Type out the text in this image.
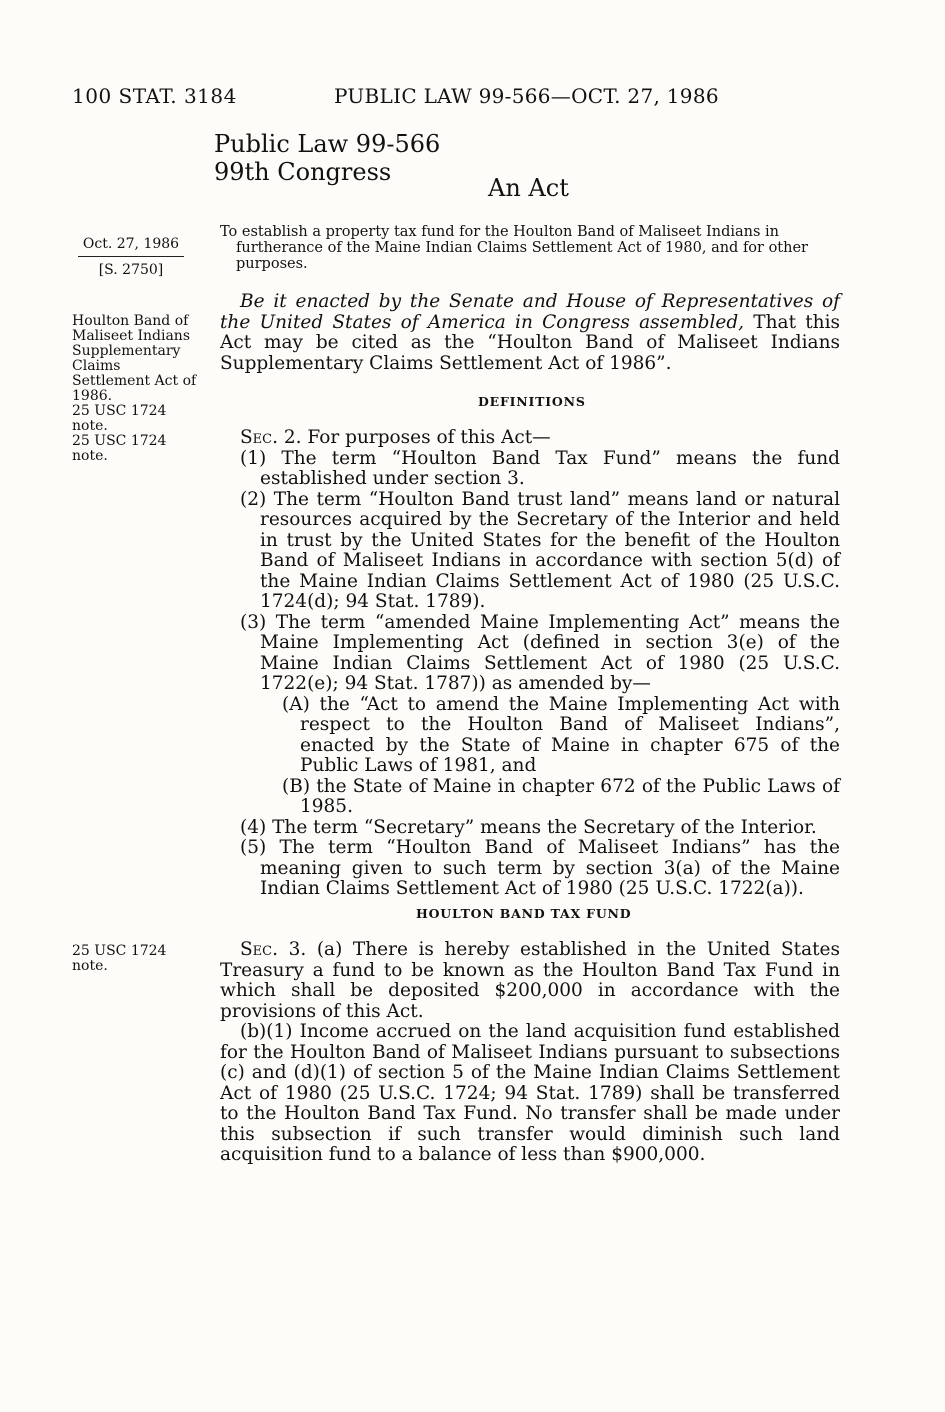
100 STAT. 3184	PUBLIC LAW 99-566—OCT. 27, 1986
Public Law 99-566
99th Congress
An Act
Oct. 27, 1986
[S. 2750]
To establish a property tax fund for the Houlton Band of Maliseet Indians in furtherance of the Maine Indian Claims Settlement Act of 1980, and for other purposes.
Houlton Band of Maliseet Indians Supplementary Claims Settlement Act of 1986.
25 USC 1724 note.
25 USC 1724 note.

Be it enacted by the Senate and House of Representatives of the United States of America in Congress assembled, That this Act may be cited as the “Houlton Band of Maliseet Indians Supplementary Claims Settlement Act of 1986”.

DEFINITIONS

Sec. 2. For purposes of this Act—

(1) The term “Houlton Band Tax Fund” means the fund established under section 3.

(2) The term “Houlton Band trust land” means land or natural resources acquired by the Secretary of the Interior and held in trust by the United States for the benefit of the Houlton Band of Maliseet Indians in accordance with section 5(d) of the Maine Indian Claims Settlement Act of 1980 (25 U.S.C. 1724(d); 94 Stat. 1789).

(3) The term “amended Maine Implementing Act” means the Maine Implementing Act (defined in section 3(e) of the Maine Indian Claims Settlement Act of 1980 (25 U.S.C. 1722(e); 94 Stat. 1787)) as amended by—

(A) the “Act to amend the Maine Implementing Act with respect to the Houlton Band of Maliseet Indians”, enacted by the State of Maine in chapter 675 of the Public Laws of 1981, and

(B) the State of Maine in chapter 672 of the Public Laws of 1985.

(4) The term “Secretary” means the Secretary of the Interior.

(5) The term “Houlton Band of Maliseet Indians” has the meaning given to such term by section 3(a) of the Maine Indian Claims Settlement Act of 1980 (25 U.S.C. 1722(a)).

HOULTON BAND TAX FUND
25 USC 1724 note.

Sec. 3. (a) There is hereby established in the United States Treasury a fund to be known as the Houlton Band Tax Fund in which shall be deposited $200,000 in accordance with the provisions of this Act.

(b)(1) Income accrued on the land acquisition fund established for the Houlton Band of Maliseet Indians pursuant to subsections (c) and (d)(1) of section 5 of the Maine Indian Claims Settlement Act of 1980 (25 U.S.C. 1724; 94 Stat. 1789) shall be transferred to the Houlton Band Tax Fund. No transfer shall be made under this subsection if such transfer would diminish such land acquisition fund to a balance of less than $900,000.
